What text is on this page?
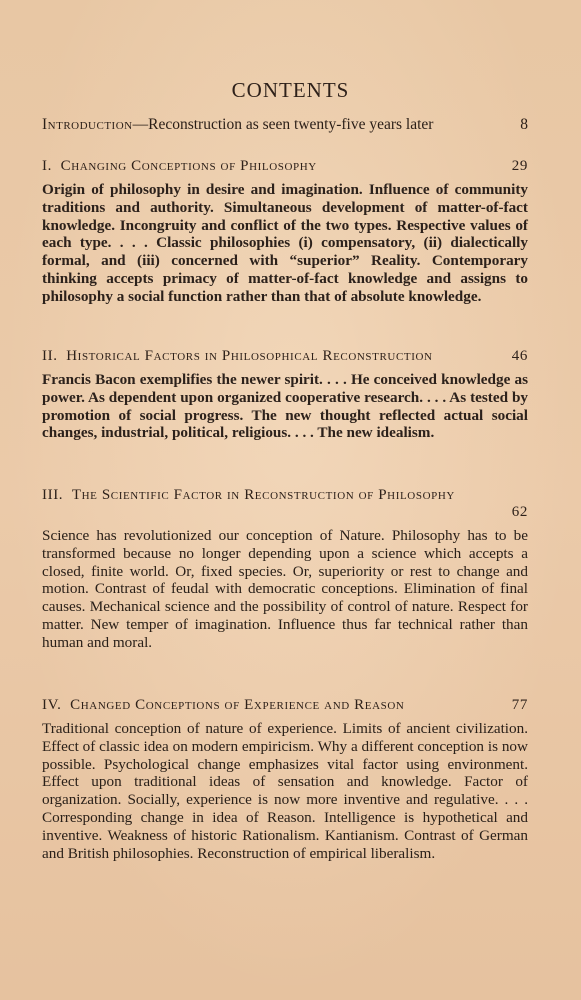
CONTENTS
Introduction—Reconstruction as seen twenty-five years later	8
I. Changing Conceptions of Philosophy	29
Origin of philosophy in desire and imagination. Influence of community traditions and authority. Simultaneous development of matter-of-fact knowledge. Incongruity and conflict of the two types. Respective values of each type. . . . Classic philosophies (i) compensatory, (ii) dialectically formal, and (iii) concerned with “superior” Reality. Contemporary thinking accepts primacy of matter-of-fact knowledge and assigns to philosophy a social function rather than that of absolute knowledge.
II. Historical Factors in Philosophical Reconstruction	46
Francis Bacon exemplifies the newer spirit. . . . He conceived knowledge as power. As dependent upon organized cooperative research. . . . As tested by promotion of social progress. The new thought reflected actual social changes, industrial, political, religious. . . . The new idealism.
III. The Scientific Factor in Reconstruction of Philosophy
62
Science has revolutionized our conception of Nature. Philosophy has to be transformed because no longer depending upon a science which accepts a closed, finite world. Or, fixed species. Or, superiority or rest to change and motion. Contrast of feudal with democratic conceptions. Elimination of final causes. Mechanical science and the possibility of control of nature. Respect for matter. New temper of imagination. Influence thus far technical rather than human and moral.
IV. Changed Conceptions of Experience and Reason	77
Traditional conception of nature of experience. Limits of ancient civilization. Effect of classic idea on modern empiricism. Why a different conception is now possible. Psychological change emphasizes vital factor using environment. Effect upon traditional ideas of sensation and knowledge. Factor of organization. Socially, experience is now more inventive and regulative. . . . Corresponding change in idea of Reason. Intelligence is hypothetical and inventive. Weakness of historic Rationalism. Kantianism. Contrast of German and British philosophies. Reconstruction of empirical liberalism.
